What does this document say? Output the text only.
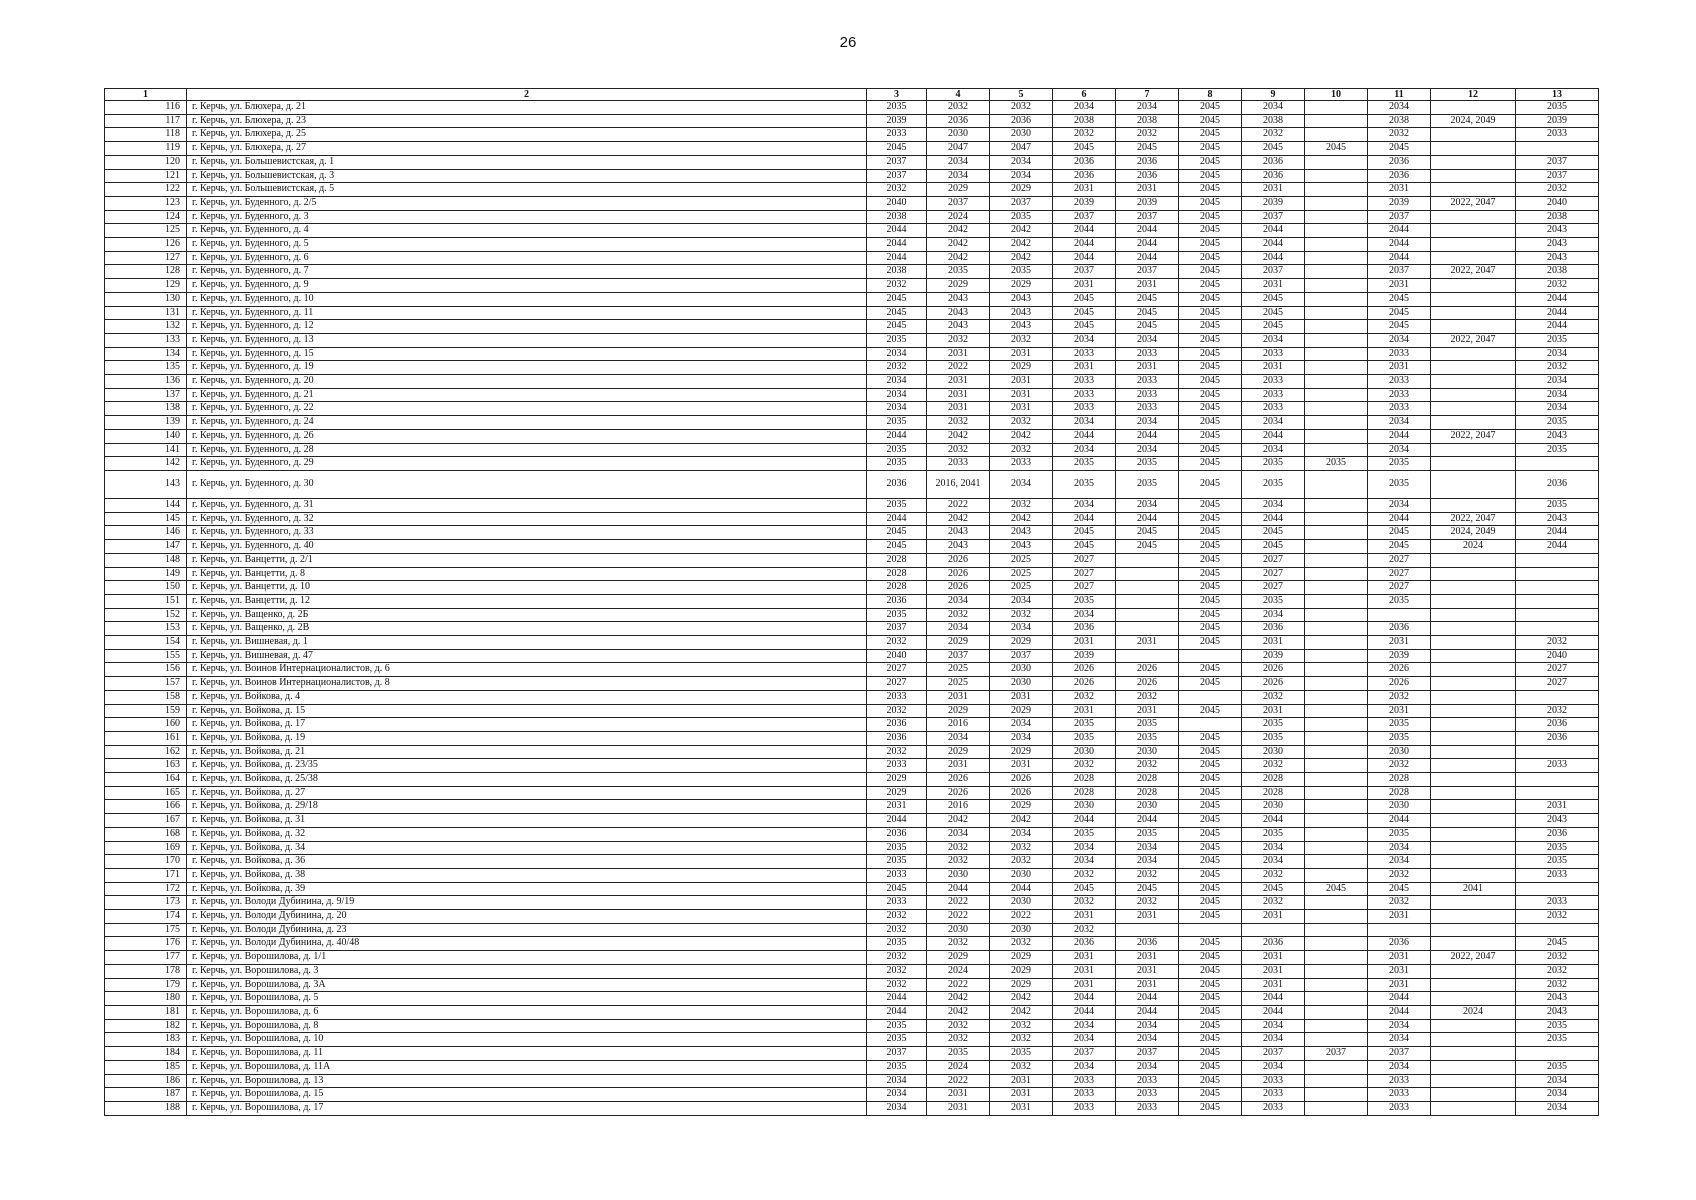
26
1	2	3	4	5	6	7	8	9	10	11	12	13
116	г. Керчь, ул. Блюхера, д. 21	2035	2032	2032	2034	2034	2045	2034		2034		2035
117	г. Керчь, ул. Блюхера, д. 23	2039	2036	2036	2038	2038	2045	2038		2038	2024, 2049	2039
118	г. Керчь, ул. Блюхера, д. 25	2033	2030	2030	2032	2032	2045	2032		2032		2033
119	г. Керчь, ул. Блюхера, д. 27	2045	2047	2047	2045	2045	2045	2045	2045	2045		
120	г. Керчь, ул. Большевистская, д. 1	2037	2034	2034	2036	2036	2045	2036		2036		2037
121	г. Керчь, ул. Большевистская, д. 3	2037	2034	2034	2036	2036	2045	2036		2036		2037
122	г. Керчь, ул. Большевистская, д. 5	2032	2029	2029	2031	2031	2045	2031		2031		2032
123	г. Керчь, ул. Буденного, д. 2/5	2040	2037	2037	2039	2039	2045	2039		2039	2022, 2047	2040
124	г. Керчь, ул. Буденного, д. 3	2038	2024	2035	2037	2037	2045	2037		2037		2038
125	г. Керчь, ул. Буденного, д. 4	2044	2042	2042	2044	2044	2045	2044		2044		2043
126	г. Керчь, ул. Буденного, д. 5	2044	2042	2042	2044	2044	2045	2044		2044		2043
127	г. Керчь, ул. Буденного, д. 6	2044	2042	2042	2044	2044	2045	2044		2044		2043
128	г. Керчь, ул. Буденного, д. 7	2038	2035	2035	2037	2037	2045	2037		2037	2022, 2047	2038
129	г. Керчь, ул. Буденного, д. 9	2032	2029	2029	2031	2031	2045	2031		2031		2032
130	г. Керчь, ул. Буденного, д. 10	2045	2043	2043	2045	2045	2045	2045		2045		2044
131	г. Керчь, ул. Буденного, д. 11	2045	2043	2043	2045	2045	2045	2045		2045		2044
132	г. Керчь, ул. Буденного, д. 12	2045	2043	2043	2045	2045	2045	2045		2045		2044
133	г. Керчь, ул. Буденного, д. 13	2035	2032	2032	2034	2034	2045	2034		2034	2022, 2047	2035
134	г. Керчь, ул. Буденного, д. 15	2034	2031	2031	2033	2033	2045	2033		2033		2034
135	г. Керчь, ул. Буденного, д. 19	2032	2022	2029	2031	2031	2045	2031		2031		2032
136	г. Керчь, ул. Буденного, д. 20	2034	2031	2031	2033	2033	2045	2033		2033		2034
137	г. Керчь, ул. Буденного, д. 21	2034	2031	2031	2033	2033	2045	2033		2033		2034
138	г. Керчь, ул. Буденного, д. 22	2034	2031	2031	2033	2033	2045	2033		2033		2034
139	г. Керчь, ул. Буденного, д. 24	2035	2032	2032	2034	2034	2045	2034		2034		2035
140	г. Керчь, ул. Буденного, д. 26	2044	2042	2042	2044	2044	2045	2044		2044	2022, 2047	2043
141	г. Керчь, ул. Буденного, д. 28	2035	2032	2032	2034	2034	2045	2034		2034		2035
142	г. Керчь, ул. Буденного, д. 29	2035	2033	2033	2035	2035	2045	2035	2035	2035		
143	г. Керчь, ул. Буденного, д. 30	2036	2016, 2041	2034	2035	2035	2045	2035		2035		2036
144	г. Керчь, ул. Буденного, д. 31	2035	2022	2032	2034	2034	2045	2034		2034		2035
145	г. Керчь, ул. Буденного, д. 32	2044	2042	2042	2044	2044	2045	2044		2044	2022, 2047	2043
146	г. Керчь, ул. Буденного, д. 33	2045	2043	2043	2045	2045	2045	2045		2045	2024, 2049	2044
147	г. Керчь, ул. Буденного, д. 40	2045	2043	2043	2045	2045	2045	2045		2045	2024	2044
148	г. Керчь, ул. Ванцетти, д. 2/1	2028	2026	2025	2027		2045	2027		2027		
149	г. Керчь, ул. Ванцетти, д. 8	2028	2026	2025	2027		2045	2027		2027		
150	г. Керчь, ул. Ванцетти, д. 10	2028	2026	2025	2027		2045	2027		2027		
151	г. Керчь, ул. Ванцетти, д. 12	2036	2034	2034	2035		2045	2035		2035		
152	г. Керчь, ул. Ващенко, д. 2Б	2035	2032	2032	2034		2045	2034				
153	г. Керчь, ул. Ващенко, д. 2В	2037	2034	2034	2036		2045	2036		2036		
154	г. Керчь, ул. Вишневая, д. 1	2032	2029	2029	2031	2031	2045	2031		2031		2032
155	г. Керчь, ул. Вишневая, д. 47	2040	2037	2037	2039			2039		2039		2040
156	г. Керчь, ул. Воинов Интернационалистов, д. 6	2027	2025	2030	2026	2026	2045	2026		2026		2027
157	г. Керчь, ул. Воинов Интернационалистов, д. 8	2027	2025	2030	2026	2026	2045	2026		2026		2027
158	г. Керчь, ул. Войкова, д. 4	2033	2031	2031	2032	2032		2032		2032		
159	г. Керчь, ул. Войкова, д. 15	2032	2029	2029	2031	2031	2045	2031		2031		2032
160	г. Керчь, ул. Войкова, д. 17	2036	2016	2034	2035	2035		2035		2035		2036
161	г. Керчь, ул. Войкова, д. 19	2036	2034	2034	2035	2035	2045	2035		2035		2036
162	г. Керчь, ул. Войкова, д. 21	2032	2029	2029	2030	2030	2045	2030		2030		
163	г. Керчь, ул. Войкова, д. 23/35	2033	2031	2031	2032	2032	2045	2032		2032		2033
164	г. Керчь, ул. Войкова, д. 25/38	2029	2026	2026	2028	2028	2045	2028		2028		
165	г. Керчь, ул. Войкова, д. 27	2029	2026	2026	2028	2028	2045	2028		2028		
166	г. Керчь, ул. Войкова, д. 29/18	2031	2016	2029	2030	2030	2045	2030		2030		2031
167	г. Керчь, ул. Войкова, д. 31	2044	2042	2042	2044	2044	2045	2044		2044		2043
168	г. Керчь, ул. Войкова, д. 32	2036	2034	2034	2035	2035	2045	2035		2035		2036
169	г. Керчь, ул. Войкова, д. 34	2035	2032	2032	2034	2034	2045	2034		2034		2035
170	г. Керчь, ул. Войкова, д. 36	2035	2032	2032	2034	2034	2045	2034		2034		2035
171	г. Керчь, ул. Войкова, д. 38	2033	2030	2030	2032	2032	2045	2032		2032		2033
172	г. Керчь, ул. Войкова, д. 39	2045	2044	2044	2045	2045	2045	2045	2045	2045	2041	
173	г. Керчь, ул. Володи Дубинина, д. 9/19	2033	2022	2030	2032	2032	2045	2032		2032		2033
174	г. Керчь, ул. Володи Дубинина, д. 20	2032	2022	2022	2031	2031	2045	2031		2031		2032
175	г. Керчь, ул. Володи Дубинина, д. 23	2032	2030	2030	2032							
176	г. Керчь, ул. Володи Дубинина, д. 40/48	2035	2032	2032	2036	2036	2045	2036		2036		2045
177	г. Керчь, ул. Ворошилова, д. 1/1	2032	2029	2029	2031	2031	2045	2031		2031	2022, 2047	2032
178	г. Керчь, ул. Ворошилова, д. 3	2032	2024	2029	2031	2031	2045	2031		2031		2032
179	г. Керчь, ул. Ворошилова, д. 3А	2032	2022	2029	2031	2031	2045	2031		2031		2032
180	г. Керчь, ул. Ворошилова, д. 5	2044	2042	2042	2044	2044	2045	2044		2044		2043
181	г. Керчь, ул. Ворошилова, д. 6	2044	2042	2042	2044	2044	2045	2044		2044	2024	2043
182	г. Керчь, ул. Ворошилова, д. 8	2035	2032	2032	2034	2034	2045	2034		2034		2035
183	г. Керчь, ул. Ворошилова, д. 10	2035	2032	2032	2034	2034	2045	2034		2034		2035
184	г. Керчь, ул. Ворошилова, д. 11	2037	2035	2035	2037	2037	2045	2037	2037	2037		
185	г. Керчь, ул. Ворошилова, д. 11А	2035	2024	2032	2034	2034	2045	2034		2034		2035
186	г. Керчь, ул. Ворошилова, д. 13	2034	2022	2031	2033	2033	2045	2033		2033		2034
187	г. Керчь, ул. Ворошилова, д. 15	2034	2031	2031	2033	2033	2045	2033		2033		2034
188	г. Керчь, ул. Ворошилова, д. 17	2034	2031	2031	2033	2033	2045	2033		2033		2034
